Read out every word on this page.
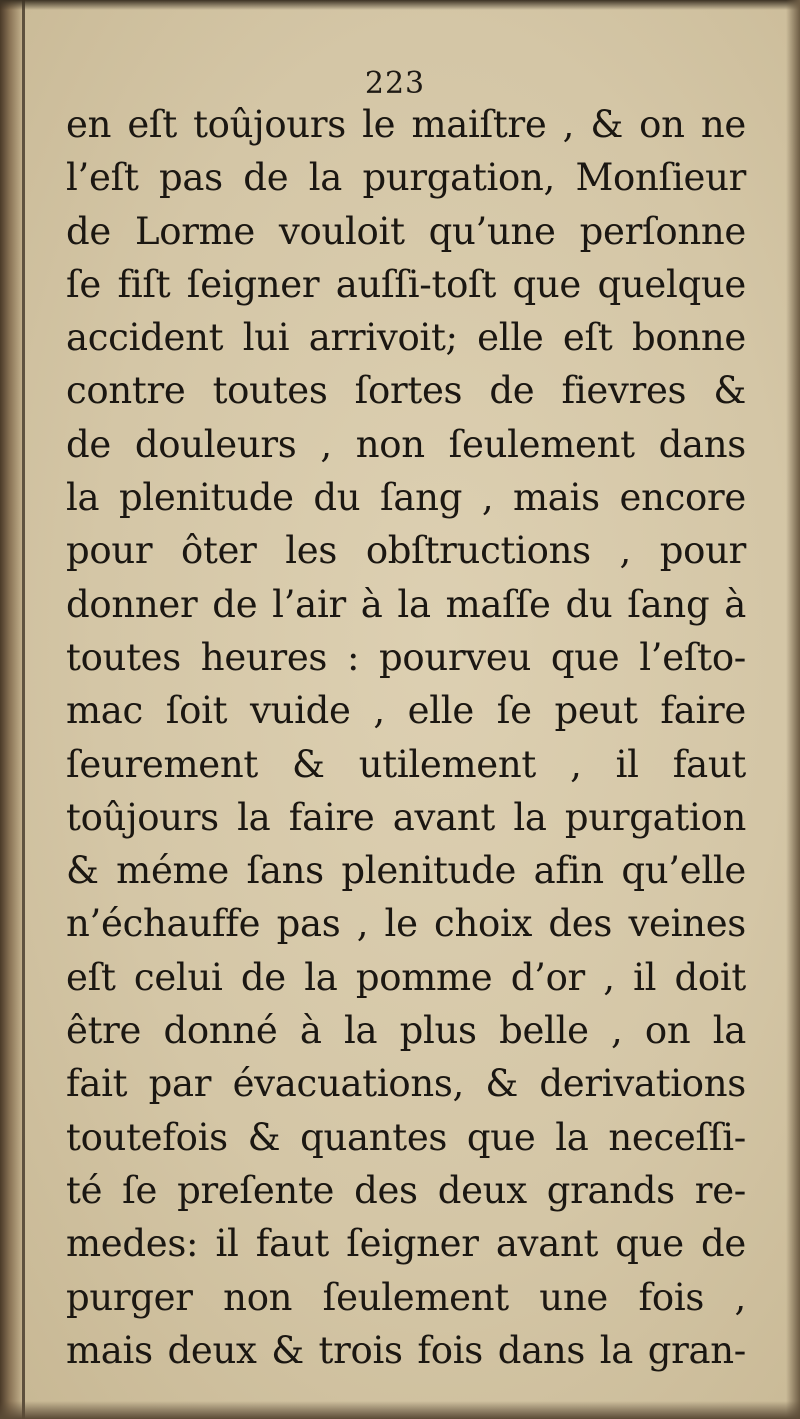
223
en eſt toûjours le maiſtre , & on ne
l’eſt pas de la purgation, Monſieur
de Lorme vouloit qu’une perſonne
ſe fiſt ſeigner auſſi-toſt que quelque
accident lui arrivoit; elle eſt bonne
contre toutes ſortes de fievres &
de douleurs , non ſeulement dans
la plenitude du ſang , mais encore
pour ôter les obſtructions , pour
donner de l’air à la maſſe du ſang à
toutes heures : pourveu que l’eſto-
mac ſoit vuide , elle ſe peut faire
ſeurement & utilement , il faut
toûjours la faire avant la purgation
& méme ſans plenitude afin qu’elle
n’échauffe pas , le choix des veines
eſt celui de la pomme d’or , il doit
être donné à la plus belle , on la
fait par évacuations, & derivations
toutefois & quantes que la neceſſi-
té ſe preſente des deux grands re-
medes: il faut ſeigner avant que de
purger non ſeulement une fois ,
mais deux & trois fois dans la gran-
